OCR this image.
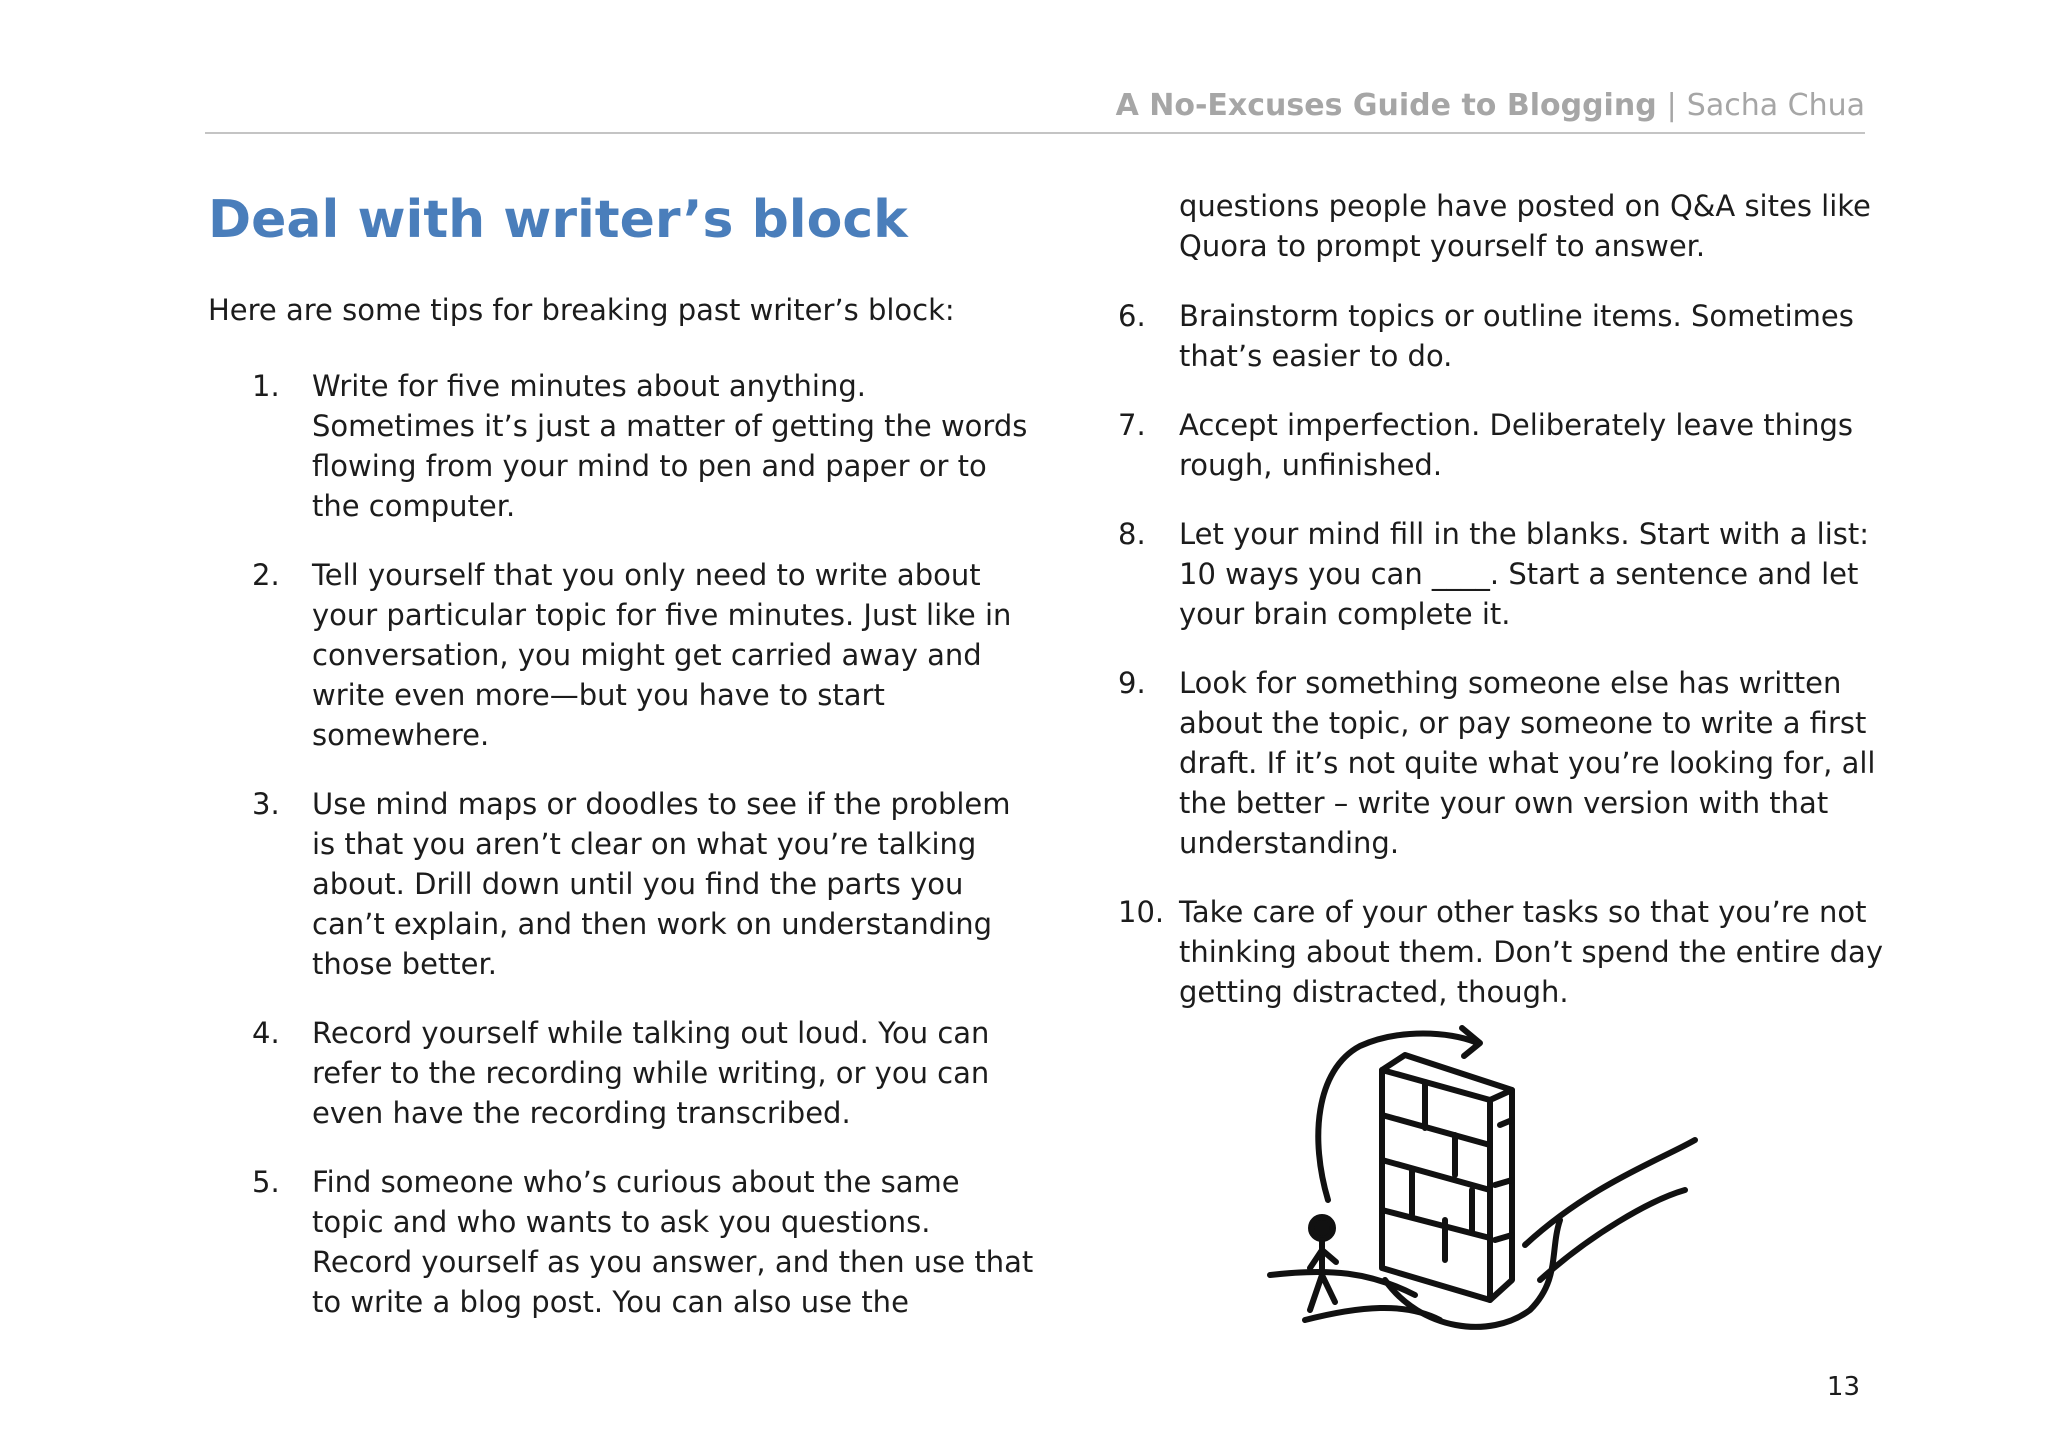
A No-Excuses Guide to Blogging | Sacha Chua
Deal with writer’s block

Here are some tips for breaking past writer’s block:

1. Write for five minutes about anything.
Sometimes it’s just a matter of getting the words
flowing from your mind to pen and paper or to
the computer.
2. Tell yourself that you only need to write about
your particular topic for five minutes. Just like in
conversation, you might get carried away and
write even more—but you have to start
somewhere.
3. Use mind maps or doodles to see if the problem
is that you aren’t clear on what you’re talking
about. Drill down until you find the parts you
can’t explain, and then work on understanding
those better.
4. Record yourself while talking out loud. You can
refer to the recording while writing, or you can
even have the recording transcribed.
5. Find someone who’s curious about the same
topic and who wants to ask you questions.
Record yourself as you answer, and then use that
to write a blog post. You can also use the
questions people have posted on Q&A sites like
Quora to prompt yourself to answer.
6. Brainstorm topics or outline items. Sometimes
that’s easier to do.
7. Accept imperfection. Deliberately leave things
rough, unfinished.
8. Let your mind fill in the blanks. Start with a list:
10 ways you can ____. Start a sentence and let
your brain complete it.
9. Look for something someone else has written
about the topic, or pay someone to write a first
draft. If it’s not quite what you’re looking for, all
the better – write your own version with that
understanding.
10. Take care of your other tasks so that you’re not
thinking about them. Don’t spend the entire day
getting distracted, though.
13
